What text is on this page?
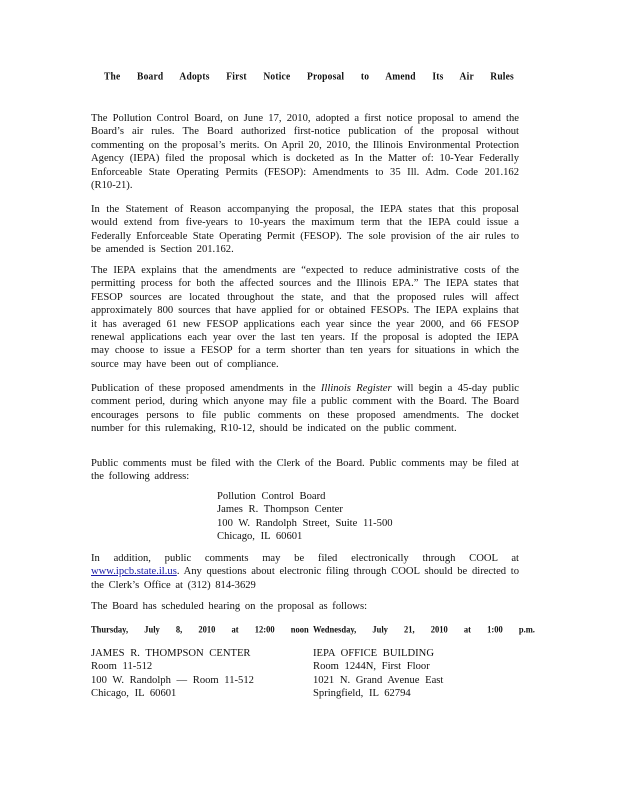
The Board Adopts First Notice Proposal to Amend Its Air Rules

The Pollution Control Board, on June 17, 2010, adopted a first notice proposal to amend the Board’s air rules. The Board authorized first-notice publication of the proposal without commenting on the proposal’s merits. On April 20, 2010, the Illinois Environmental Protection Agency (IEPA) filed the proposal which is docketed as In the Matter of: 10-Year Federally Enforceable State Operating Permits (FESOP): Amendments to 35 Ill. Adm. Code 201.162 (R10-21).

In the Statement of Reason accompanying the proposal, the IEPA states that this proposal would extend from five-years to 10-years the maximum term that the IEPA could issue a Federally Enforceable State Operating Permit (FESOP). The sole provision of the air rules to be amended is Section 201.162.

The IEPA explains that the amendments are “expected to reduce administrative costs of the permitting process for both the affected sources and the Illinois EPA.” The IEPA states that FESOP sources are located throughout the state, and that the proposed rules will affect approximately 800 sources that have applied for or obtained FESOPs. The IEPA explains that it has averaged 61 new FESOP applications each year since the year 2000, and 66 FESOP renewal applications each year over the last ten years. If the proposal is adopted the IEPA may choose to issue a FESOP for a term shorter than ten years for situations in which the source may have been out of compliance.

Publication of these proposed amendments in the Illinois Register will begin a 45-day public comment period, during which anyone may file a public comment with the Board. The Board encourages persons to file public comments on these proposed amendments. The docket number for this rulemaking, R10-12, should be indicated on the public comment.

Public comments must be filed with the Clerk of the Board. Public comments may be filed at the following address:

Pollution Control Board
James R. Thompson Center
100 W. Randolph Street, Suite 11-500
Chicago, IL 60601

In addition, public comments may be filed electronically through COOL at www.ipcb.state.il.us. Any questions about electronic filing through COOL should be directed to the Clerk’s Office at (312) 814-3629

The Board has scheduled hearing on the proposal as follows:

Thursday, July 8, 2010 at 12:00 noon Wednesday, July 21, 2010 at 1:00 p.m.
JAMES R. THOMPSON CENTER
Room 11-512
100 W. Randolph — Room 11-512
Chicago, IL 60601
IEPA OFFICE BUILDING
Room 1244N, First Floor
1021 N. Grand Avenue East
Springfield, IL 62794
